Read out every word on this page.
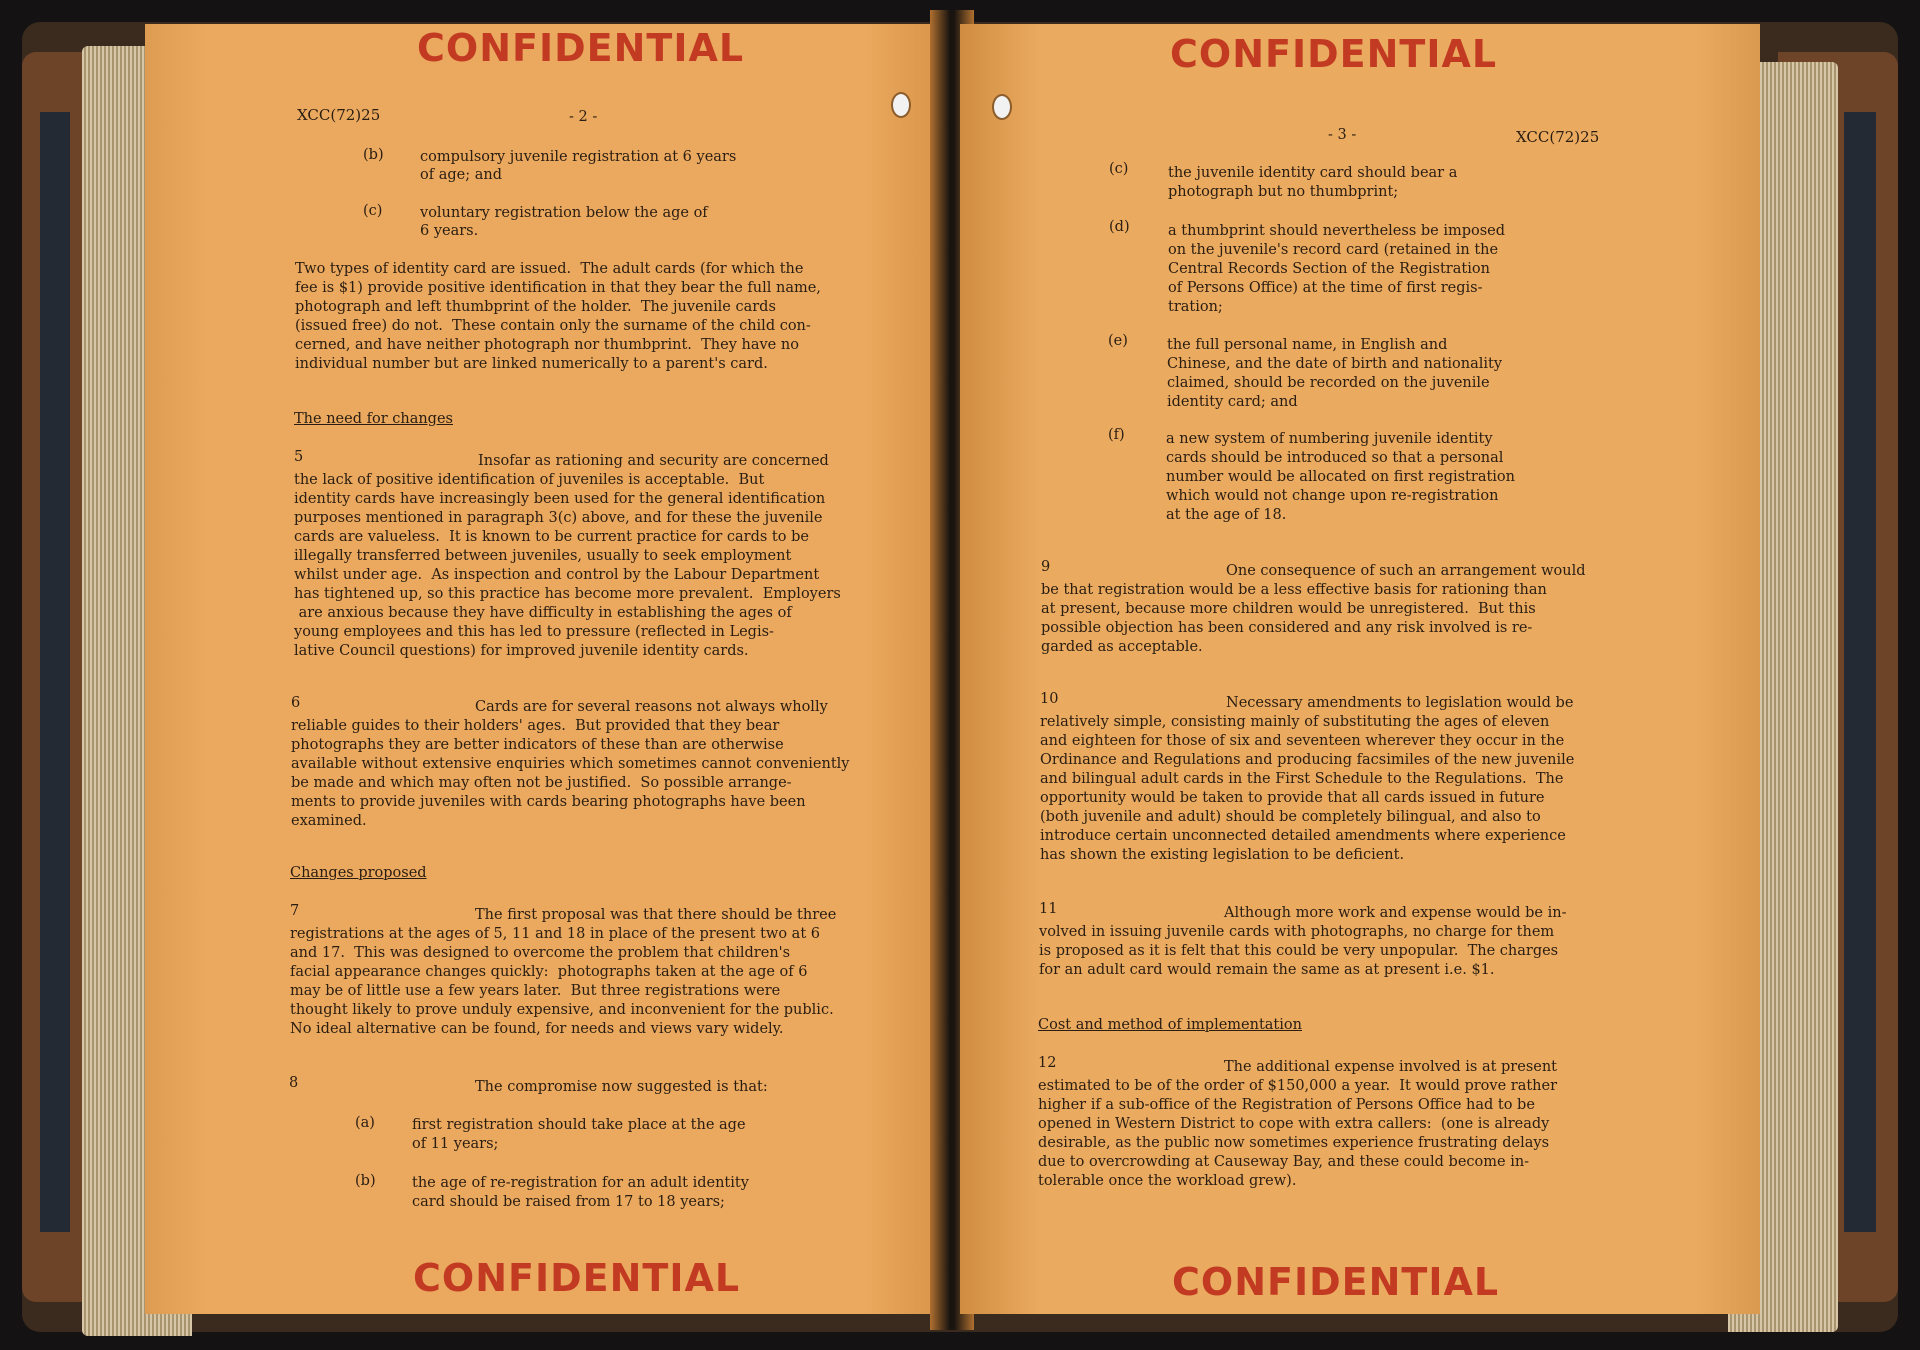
CONFIDENTIAL
XCC(72)25	- 2 -
(b)	compulsory juvenile registration at 6 years
of age; and
(c)	voluntary registration below the age of
6 years.
Two types of identity card are issued.  The adult cards (for which the
fee is $1) provide positive identification in that they bear the full name,
photograph and left thumbprint of the holder.  The juvenile cards
(issued free) do not.  These contain only the surname of the child con-
cerned, and have neither photograph nor thumbprint.  They have no
individual number but are linked numerically to a parent's card.
The need for changes
5	Insofar as rationing and security are concerned
the lack of positive identification of juveniles is acceptable.  But
identity cards have increasingly been used for the general identification
purposes mentioned in paragraph 3(c) above, and for these the juvenile
cards are valueless.  It is known to be current practice for cards to be
illegally transferred between juveniles, usually to seek employment
whilst under age.  As inspection and control by the Labour Department
has tightened up, so this practice has become more prevalent.  Employers
are anxious because they have difficulty in establishing the ages of
young employees and this has led to pressure (reflected in Legis-
lative Council questions) for improved juvenile identity cards.
6	Cards are for several reasons not always wholly
reliable guides to their holders' ages.  But provided that they bear
photographs they are better indicators of these than are otherwise
available without extensive enquiries which sometimes cannot conveniently
be made and which may often not be justified.  So possible arrange-
ments to provide juveniles with cards bearing photographs have been
examined.
Changes proposed
7	The first proposal was that there should be three
registrations at the ages of 5, 11 and 18 in place of the present two at 6
and 17.  This was designed to overcome the problem that children's
facial appearance changes quickly:  photographs taken at the age of 6
may be of little use a few years later.  But three registrations were
thought likely to prove unduly expensive, and inconvenient for the public.
No ideal alternative can be found, for needs and views vary widely.
8	The compromise now suggested is that:
(a)	first registration should take place at the age
of 11 years;
(b)	the age of re-registration for an adult identity
card should be raised from 17 to 18 years;
CONFIDENTIAL
CONFIDENTIAL
- 3 -	XCC(72)25
(c)	the juvenile identity card should bear a
photograph but no thumbprint;
(d)	a thumbprint should nevertheless be imposed
on the juvenile's record card (retained in the
Central Records Section of the Registration
of Persons Office) at the time of first regis-
tration;
(e)	the full personal name, in English and
Chinese, and the date of birth and nationality
claimed, should be recorded on the juvenile
identity card; and
(f)	a new system of numbering juvenile identity
cards should be introduced so that a personal
number would be allocated on first registration
which would not change upon re-registration
at the age of 18.
9	One consequence of such an arrangement would
be that registration would be a less effective basis for rationing than
at present, because more children would be unregistered.  But this
possible objection has been considered and any risk involved is re-
garded as acceptable.
10	Necessary amendments to legislation would be
relatively simple, consisting mainly of substituting the ages of eleven
and eighteen for those of six and seventeen wherever they occur in the
Ordinance and Regulations and producing facsimiles of the new juvenile
and bilingual adult cards in the First Schedule to the Regulations.  The
opportunity would be taken to provide that all cards issued in future
(both juvenile and adult) should be completely bilingual, and also to
introduce certain unconnected detailed amendments where experience
has shown the existing legislation to be deficient.
11	Although more work and expense would be in-
volved in issuing juvenile cards with photographs, no charge for them
is proposed as it is felt that this could be very unpopular.  The charges
for an adult card would remain the same as at present i.e. $1.
Cost and method of implementation
12	The additional expense involved is at present
estimated to be of the order of $150,000 a year.  It would prove rather
higher if a sub-office of the Registration of Persons Office had to be
opened in Western District to cope with extra callers:  (one is already
desirable, as the public now sometimes experience frustrating delays
due to overcrowding at Causeway Bay, and these could become in-
tolerable once the workload grew).
CONFIDENTIAL
